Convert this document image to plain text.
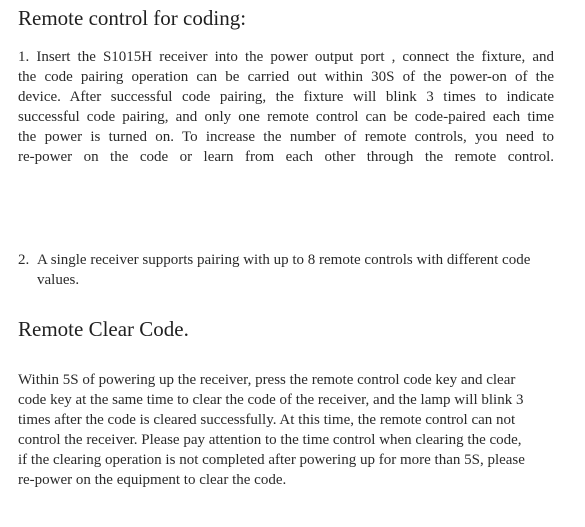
Remote control for coding:
1. Insert the S1015H receiver into the power output port , connect the fixture, and
the code pairing operation can be carried out within 30S of the power-on of the
device. After successful code pairing, the fixture will blink 3 times to indicate
successful code pairing, and only one remote control can be code-paired each time
the power is turned on. To increase the number of remote controls, you need to
re-power on the code or learn from each other through the remote control.
2. A single receiver supports pairing with up to 8 remote controls with different code values.
Remote Clear Code.
Within 5S of powering up the receiver, press the remote control code key and clear
code key at the same time to clear the code of the receiver, and the lamp will blink 3
times after the code is cleared successfully. At this time, the remote control can not
control the receiver. Please pay attention to the time control when clearing the code,
if the clearing operation is not completed after powering up for more than 5S, please
re-power on the equipment to clear the code.
